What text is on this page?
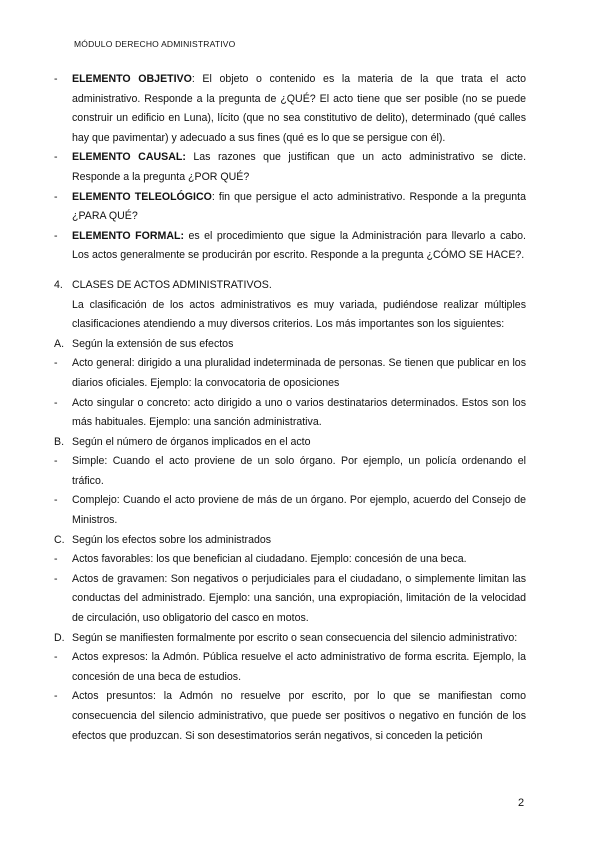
MÓDULO DERECHO ADMINISTRATIVO
-	ELEMENTO OBJETIVO: El objeto o contenido es la materia de la que trata el acto administrativo. Responde a la pregunta de ¿QUÉ? El acto tiene que ser posible (no se puede construir un edificio en Luna), lícito (que no sea constitutivo de delito), determinado (qué calles hay que pavimentar) y adecuado a sus fines (qué es lo que se persigue con él).
-	ELEMENTO CAUSAL: Las razones que justifican que un acto administrativo se dicte. Responde a la pregunta ¿POR QUÉ?
-	ELEMENTO TELEOLÓGICO: fin que persigue el acto administrativo. Responde a la pregunta ¿PARA QUÉ?
-	ELEMENTO FORMAL: es el procedimiento que sigue la Administración para llevarlo a cabo. Los actos generalmente se producirán por escrito. Responde a la pregunta ¿CÓMO SE HACE?.
4. CLASES DE ACTOS ADMINISTRATIVOS.
La clasificación de los actos administrativos es muy variada, pudiéndose realizar múltiples clasificaciones atendiendo a muy diversos criterios. Los más importantes son los siguientes:
A. Según la extensión de sus efectos
-	Acto general: dirigido a una pluralidad indeterminada de personas. Se tienen que publicar en los diarios oficiales. Ejemplo: la convocatoria de oposiciones
-	Acto singular o concreto: acto dirigido a uno o varios destinatarios determinados. Estos son los más habituales. Ejemplo: una sanción administrativa.
B. Según el número de órganos implicados en el acto
-	Simple: Cuando el acto proviene de un solo órgano. Por ejemplo, un policía ordenando el tráfico.
-	Complejo: Cuando el acto proviene de más de un órgano. Por ejemplo, acuerdo del Consejo de Ministros.
C. Según los efectos sobre los administrados
-	Actos favorables: los que benefician al ciudadano. Ejemplo: concesión de una beca.
-	Actos de gravamen: Son negativos o perjudiciales para el ciudadano, o simplemente limitan las conductas del administrado. Ejemplo: una sanción, una expropiación, limitación de la velocidad de circulación, uso obligatorio del casco en motos.
D. Según se manifiesten formalmente por escrito o sean consecuencia del silencio administrativo:
-	Actos expresos: la Admón. Pública resuelve el acto administrativo de forma escrita. Ejemplo, la concesión de una beca de estudios.
-	Actos presuntos: la Admón no resuelve por escrito, por lo que se manifiestan como consecuencia del silencio administrativo, que puede ser positivos o negativo en función de los efectos que produzcan. Si son desestimatorios serán negativos, si conceden la petición
2
